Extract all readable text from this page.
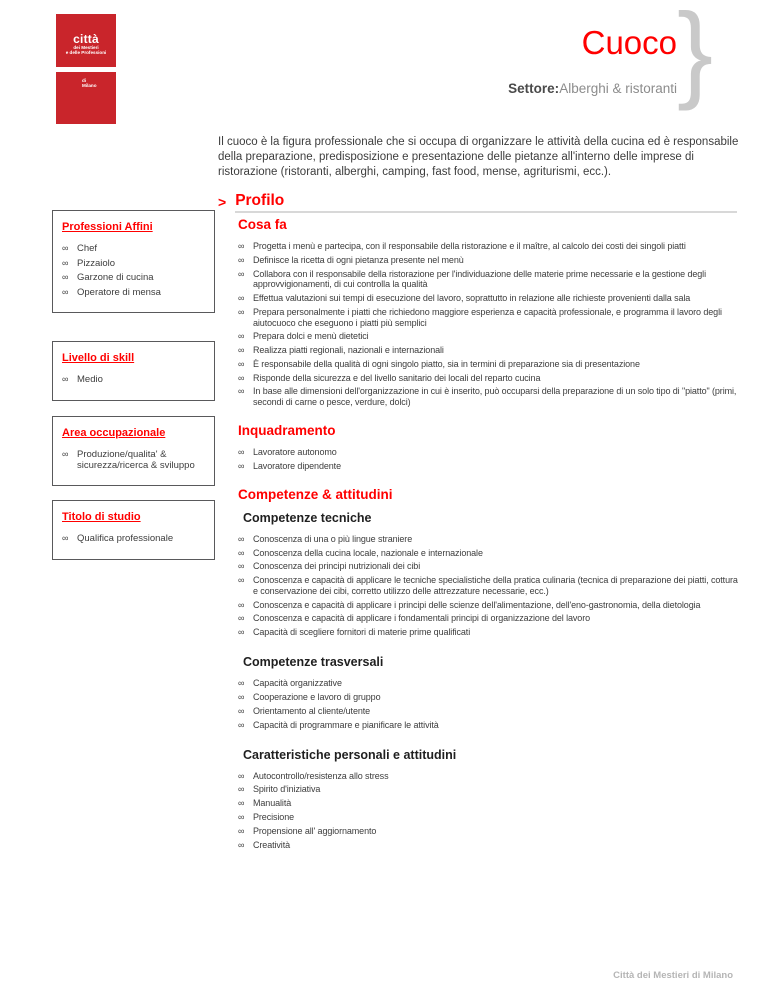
città
dei Mestieri
e delle Professioni
di
Milano
Cuoco
Settore:Alberghi & ristoranti }
Il cuoco è la figura professionale che si occupa di organizzare le attività della cucina ed è responsabile della preparazione, predisposizione e presentazione delle pietanze all'interno delle imprese di ristorazione (ristoranti, alberghi, camping, fast food, mense, agriturismi, ecc.).
> Profilo
Professioni Affini
∞ Chef
∞ Pizzaiolo
∞ Garzone di cucina
∞ Operatore di mensa
Livello di skill
∞ Medio
Area occupazionale
∞ Produzione/qualita' & sicurezza/ricerca & sviluppo
Titolo di studio
∞ Qualifica professionale
Cosa fa
∞ Progetta i menù e partecipa, con il responsabile della ristorazione e il maître, al calcolo dei costi dei singoli piatti
∞ Definisce la ricetta di ogni pietanza presente nel menù
∞ Collabora con il responsabile della ristorazione per l'individuazione delle materie prime necessarie e la gestione degli approvvigionamenti, di cui controlla la qualità
∞ Effettua valutazioni sui tempi di esecuzione del lavoro, soprattutto in relazione alle richieste provenienti dalla sala
∞ Prepara personalmente i piatti che richiedono maggiore esperienza e capacità professionale, e programma il lavoro degli aiutocuoco che eseguono i piatti più semplici
∞ Prepara dolci e menù dietetici
∞ Realizza piatti regionali, nazionali e internazionali
∞ È responsabile della qualità di ogni singolo piatto, sia in termini di preparazione sia di presentazione
∞ Risponde della sicurezza e del livello sanitario dei locali del reparto cucina
∞ In base alle dimensioni dell'organizzazione in cui è inserito, può occuparsi della preparazione di un solo tipo di "piatto" (primi, secondi di carne o pesce, verdure, dolci)
Inquadramento
∞ Lavoratore autonomo
∞ Lavoratore dipendente
Competenze & attitudini
Competenze tecniche
∞ Conoscenza di una o più lingue straniere
∞ Conoscenza della cucina locale, nazionale e internazionale
∞ Conoscenza dei principi nutrizionali dei cibi
∞ Conoscenza e capacità di applicare le tecniche specialistiche della pratica culinaria (tecnica di preparazione dei piatti, cottura e conservazione dei cibi, corretto utilizzo delle attrezzature necessarie, ecc.)
∞ Conoscenza e capacità di applicare i principi delle scienze dell'alimentazione, dell'eno-gastronomia, della dietologia
∞ Conoscenza e capacità di applicare i fondamentali principi di organizzazione del lavoro
∞ Capacità di scegliere fornitori di materie prime qualificati
Competenze trasversali
∞ Capacità organizzative
∞ Cooperazione e lavoro di gruppo
∞ Orientamento al cliente/utente
∞ Capacità di programmare e pianificare le attività
Caratteristiche personali e attitudini
∞ Autocontrollo/resistenza allo stress
∞ Spirito d'iniziativa
∞ Manualità
∞ Precisione
∞ Propensione all' aggiornamento
∞ Creatività
Città dei Mestieri di Milano
